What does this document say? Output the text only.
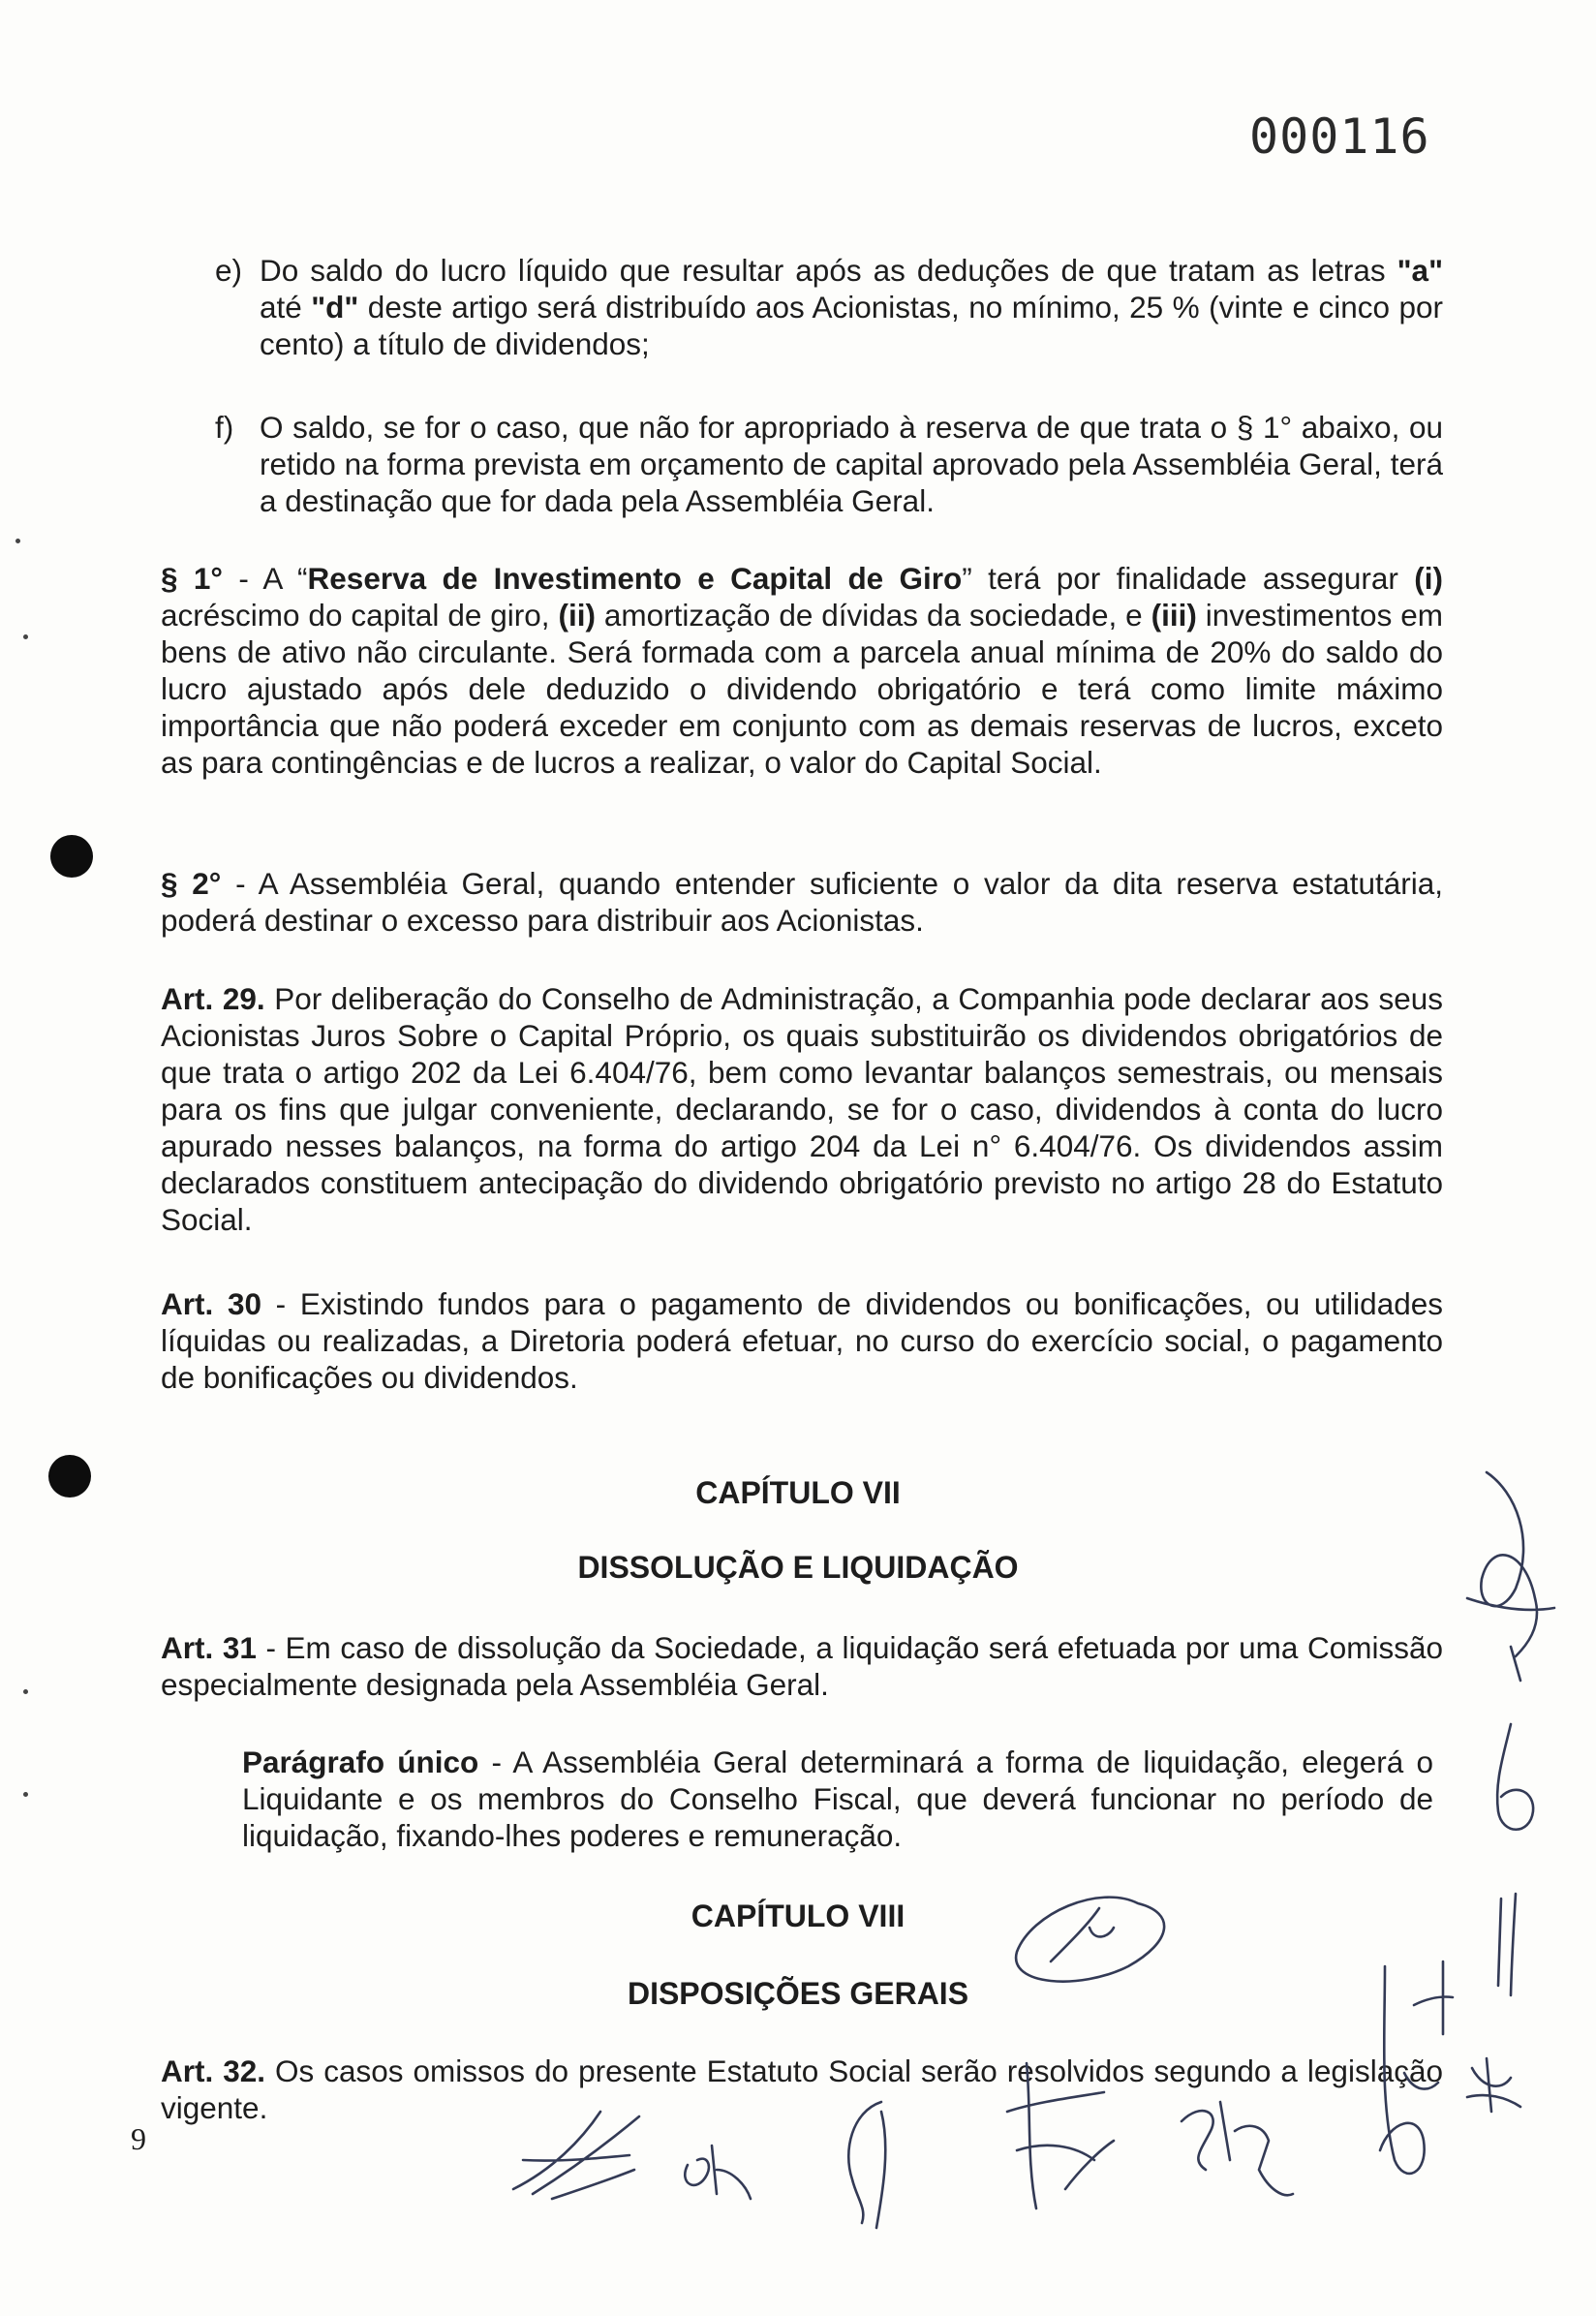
000116
e) Do saldo do lucro líquido que resultar após as deduções de que tratam as letras "a" até "d" deste artigo será distribuído aos Acionistas, no mínimo, 25 % (vinte e cinco por cento) a título de dividendos;

f) O saldo, se for o caso, que não for apropriado à reserva de que trata o § 1° abaixo, ou retido na forma prevista em orçamento de capital aprovado pela Assembléia Geral, terá a destinação que for dada pela Assembléia Geral.

§ 1° - A “Reserva de Investimento e Capital de Giro” terá por finalidade assegurar (i) acréscimo do capital de giro, (ii) amortização de dívidas da sociedade, e (iii) investimentos em bens de ativo não circulante. Será formada com a parcela anual mínima de 20% do saldo do lucro ajustado após dele deduzido o dividendo obrigatório e terá como limite máximo importância que não poderá exceder em conjunto com as demais reservas de lucros, exceto as para contingências e de lucros a realizar, o valor do Capital Social.

§ 2° - A Assembléia Geral, quando entender suficiente o valor da dita reserva estatutária, poderá destinar o excesso para distribuir aos Acionistas.

Art. 29. Por deliberação do Conselho de Administração, a Companhia pode declarar aos seus Acionistas Juros Sobre o Capital Próprio, os quais substituirão os dividendos obrigatórios de que trata o artigo 202 da Lei 6.404/76, bem como levantar balanços semestrais, ou mensais para os fins que julgar conveniente, declarando, se for o caso, dividendos à conta do lucro apurado nesses balanços, na forma do artigo 204 da Lei n° 6.404/76. Os dividendos assim declarados constituem antecipação do dividendo obrigatório previsto no artigo 28 do Estatuto Social.

Art. 30 - Existindo fundos para o pagamento de dividendos ou bonificações, ou utilidades líquidas ou realizadas, a Diretoria poderá efetuar, no curso do exercício social, o pagamento de bonificações ou dividendos.

CAPÍTULO VII
DISSOLUÇÃO E LIQUIDAÇÃO

Art. 31 - Em caso de dissolução da Sociedade, a liquidação será efetuada por uma Comissão especialmente designada pela Assembléia Geral.

Parágrafo único - A Assembléia Geral determinará a forma de liquidação, elegerá o Liquidante e os membros do Conselho Fiscal, que deverá funcionar no período de liquidação, fixando-lhes poderes e remuneração.

CAPÍTULO VIII
DISPOSIÇÕES GERAIS

Art. 32. Os casos omissos do presente Estatuto Social serão resolvidos segundo a legislação vigente.

9
